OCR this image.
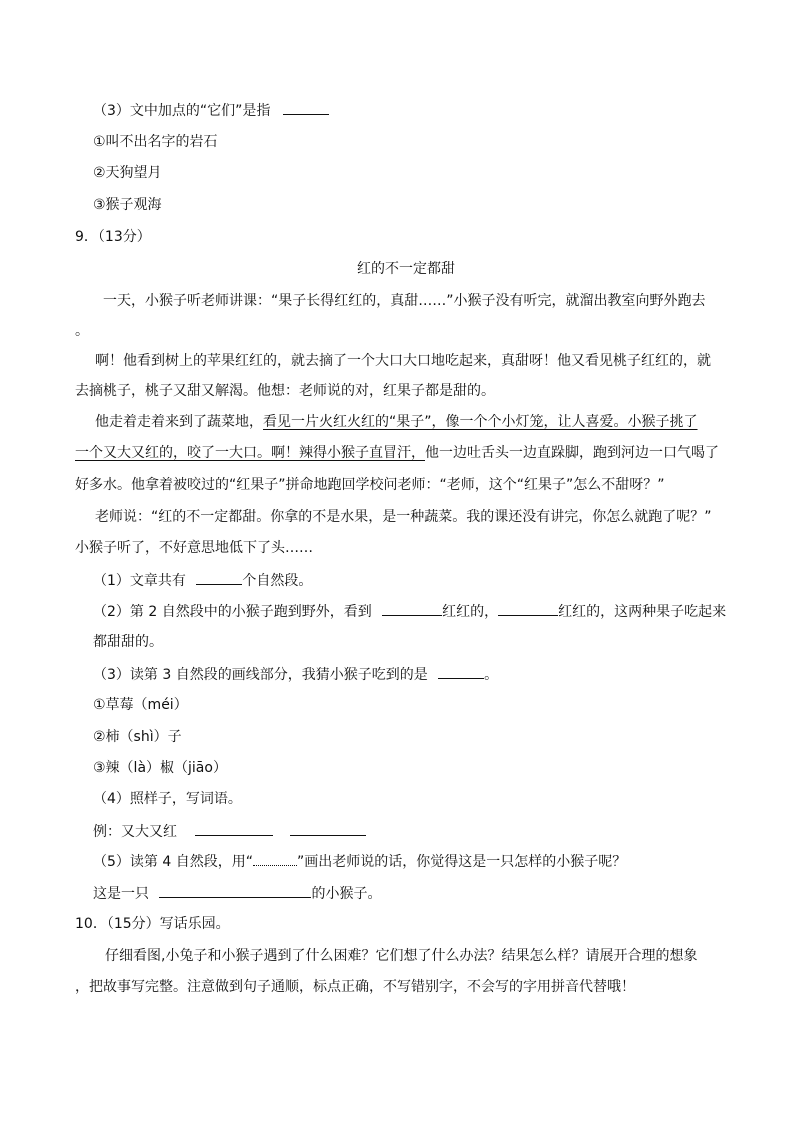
（3）文中加点的“它们”是指
①叫不出名字的岩石
②天狗望月
③猴子观海
9．（13分）
红的不一定都甜
一天，小猴子听老师讲课：“果子长得红红的，真甜……”小猴子没有听完，就溜出教室向野外跑去
。
啊！他看到树上的苹果红红的，就去摘了一个大口大口地吃起来，真甜呀！他又看见桃子红红的，就
去摘桃子，桃子又甜又解渴。他想：老师说的对，红果子都是甜的。
他走着走着来到了蔬菜地，看见一片火红火红的“果子”，像一个个小灯笼，让人喜爱。小猴子挑了
一个又大又红的，咬了一大口。啊！辣得小猴子直冒汗，他一边吐舌头一边直跺脚，跑到河边一口气喝了
好多水。他拿着被咬过的“红果子”拼命地跑回学校问老师：“老师，这个“红果子”怎么不甜呀？”
老师说：“红的不一定都甜。你拿的不是水果，是一种蔬菜。我的课还没有讲完，你怎么就跑了呢？”
小猴子听了，不好意思地低下了头……
（1）文章共有	个自然段。
（2）第 2 自然段中的小猴子跑到野外，看到	红红的，	红红的，这两种果子吃起来
都甜甜的。
（3）读第 3 自然段的画线部分，我猜小猴子吃到的是	。
①草莓（méi）
②柿（shì）子
③辣（là）椒（jiāo）
（4）照样子，写词语。
例：又大又红
（5）读第 4 自然段，用“	”画出老师说的话，你觉得这是一只怎样的小猴子呢？
这是一只	的小猴子。
10．（15分）写话乐园。
仔细看图,小兔子和小猴子遇到了什么困难？它们想了什么办法？结果怎么样？请展开合理的想象
，把故事写完整。注意做到句子通顺，标点正确，不写错别字，不会写的字用拼音代替哦！
